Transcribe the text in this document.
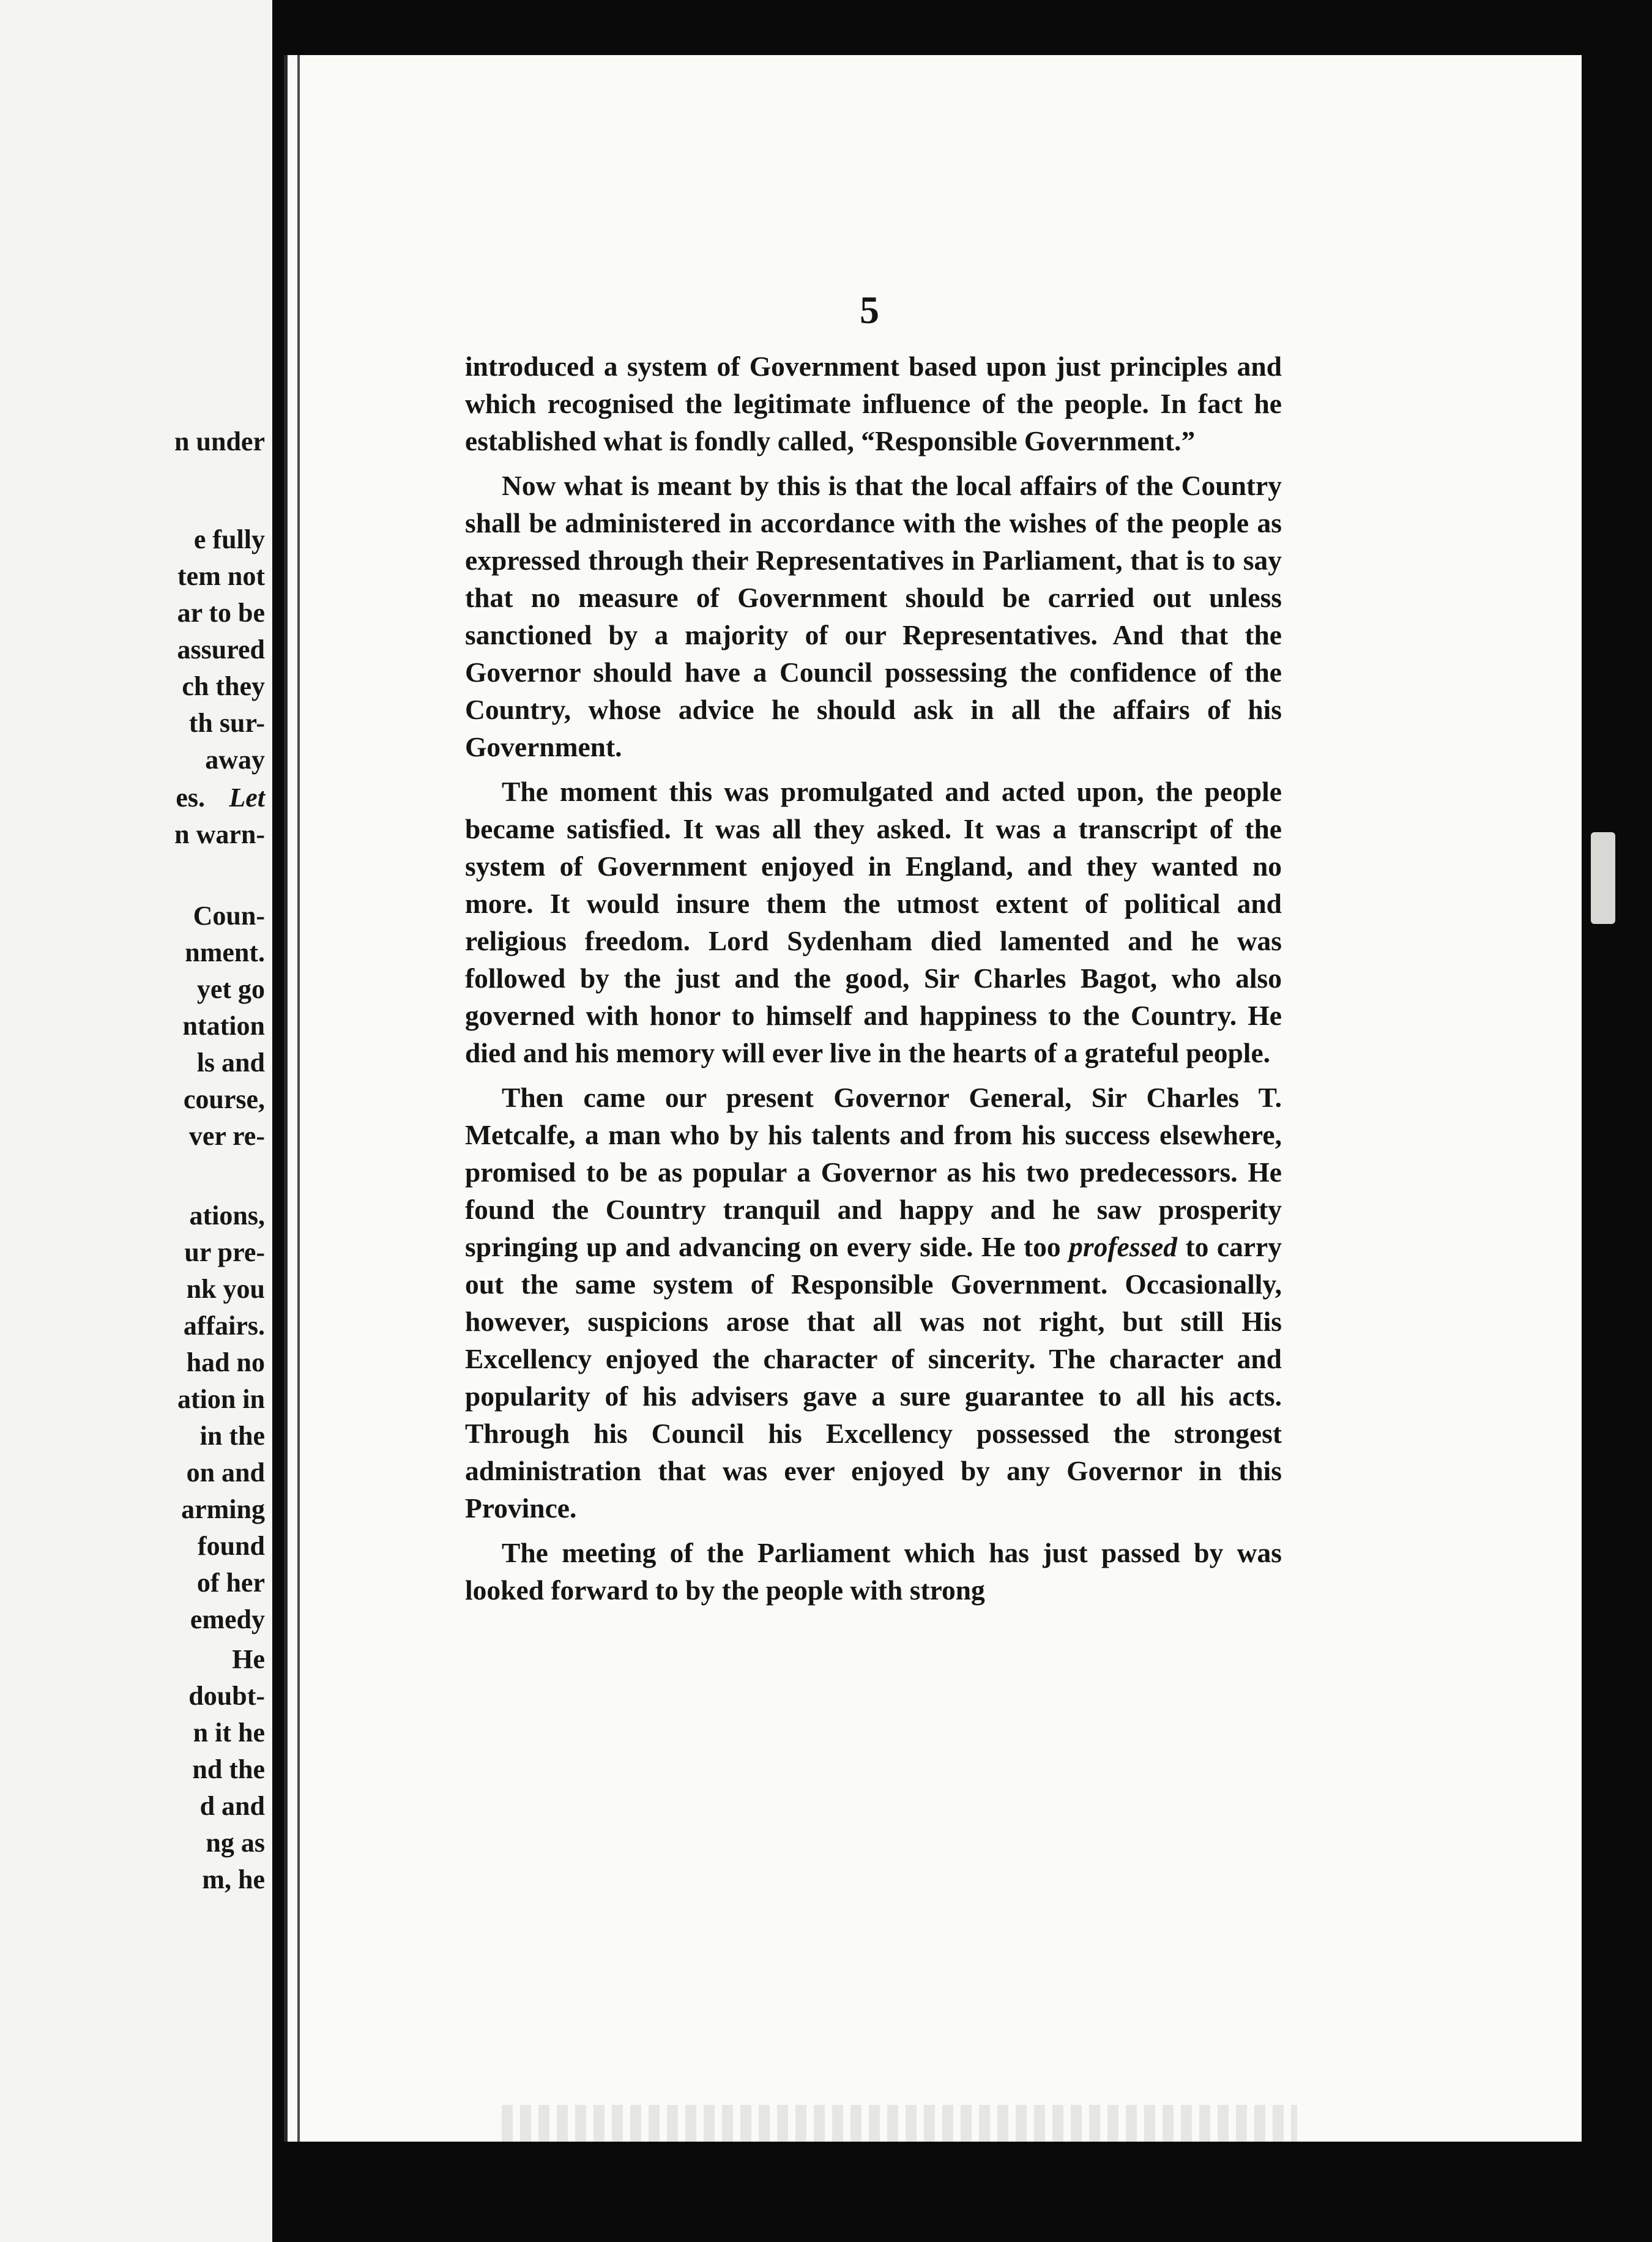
n under
e fully
tem not
ar to be
assured
ch they
th sur-
away
es. Let
n warn-
Coun-
nment.
yet go
ntation
ls and
course,
ver re-
ations,
ur pre-
nk you
affairs.
had no
ation in
in the
on and
arming
found
of her
emedy
He
doubt-
n it he
nd the
d and
ng as
m, he
5

introduced a system of Government based upon just principles and which recognised the legitimate influence of the people. In fact he established what is fondly called, “Responsible Government.”

Now what is meant by this is that the local affairs of the Country shall be administered in accordance with the wishes of the people as expressed through their Representatives in Parliament, that is to say that no measure of Government should be carried out unless sanctioned by a majority of our Representatives. And that the Governor should have a Council possessing the confidence of the Country, whose advice he should ask in all the affairs of his Government.

The moment this was promulgated and acted upon, the people became satisfied. It was all they asked. It was a transcript of the system of Government enjoyed in England, and they wanted no more. It would insure them the utmost extent of political and religious freedom. Lord Sydenham died lamented and he was followed by the just and the good, Sir Charles Bagot, who also governed with honor to himself and happiness to the Country. He died and his memory will ever live in the hearts of a grateful people.

Then came our present Governor General, Sir Charles T. Metcalfe, a man who by his talents and from his success elsewhere, promised to be as popular a Governor as his two predecessors. He found the Country tranquil and happy and he saw prosperity springing up and advancing on every side. He too professed to carry out the same system of Responsible Government. Occasionally, however, suspicions arose that all was not right, but still His Excellency enjoyed the character of sincerity. The character and popularity of his advisers gave a sure guarantee to all his acts. Through his Council his Excellency possessed the strongest administration that was ever enjoyed by any Governor in this Province.

The meeting of the Parliament which has just passed by was looked forward to by the people with strong
